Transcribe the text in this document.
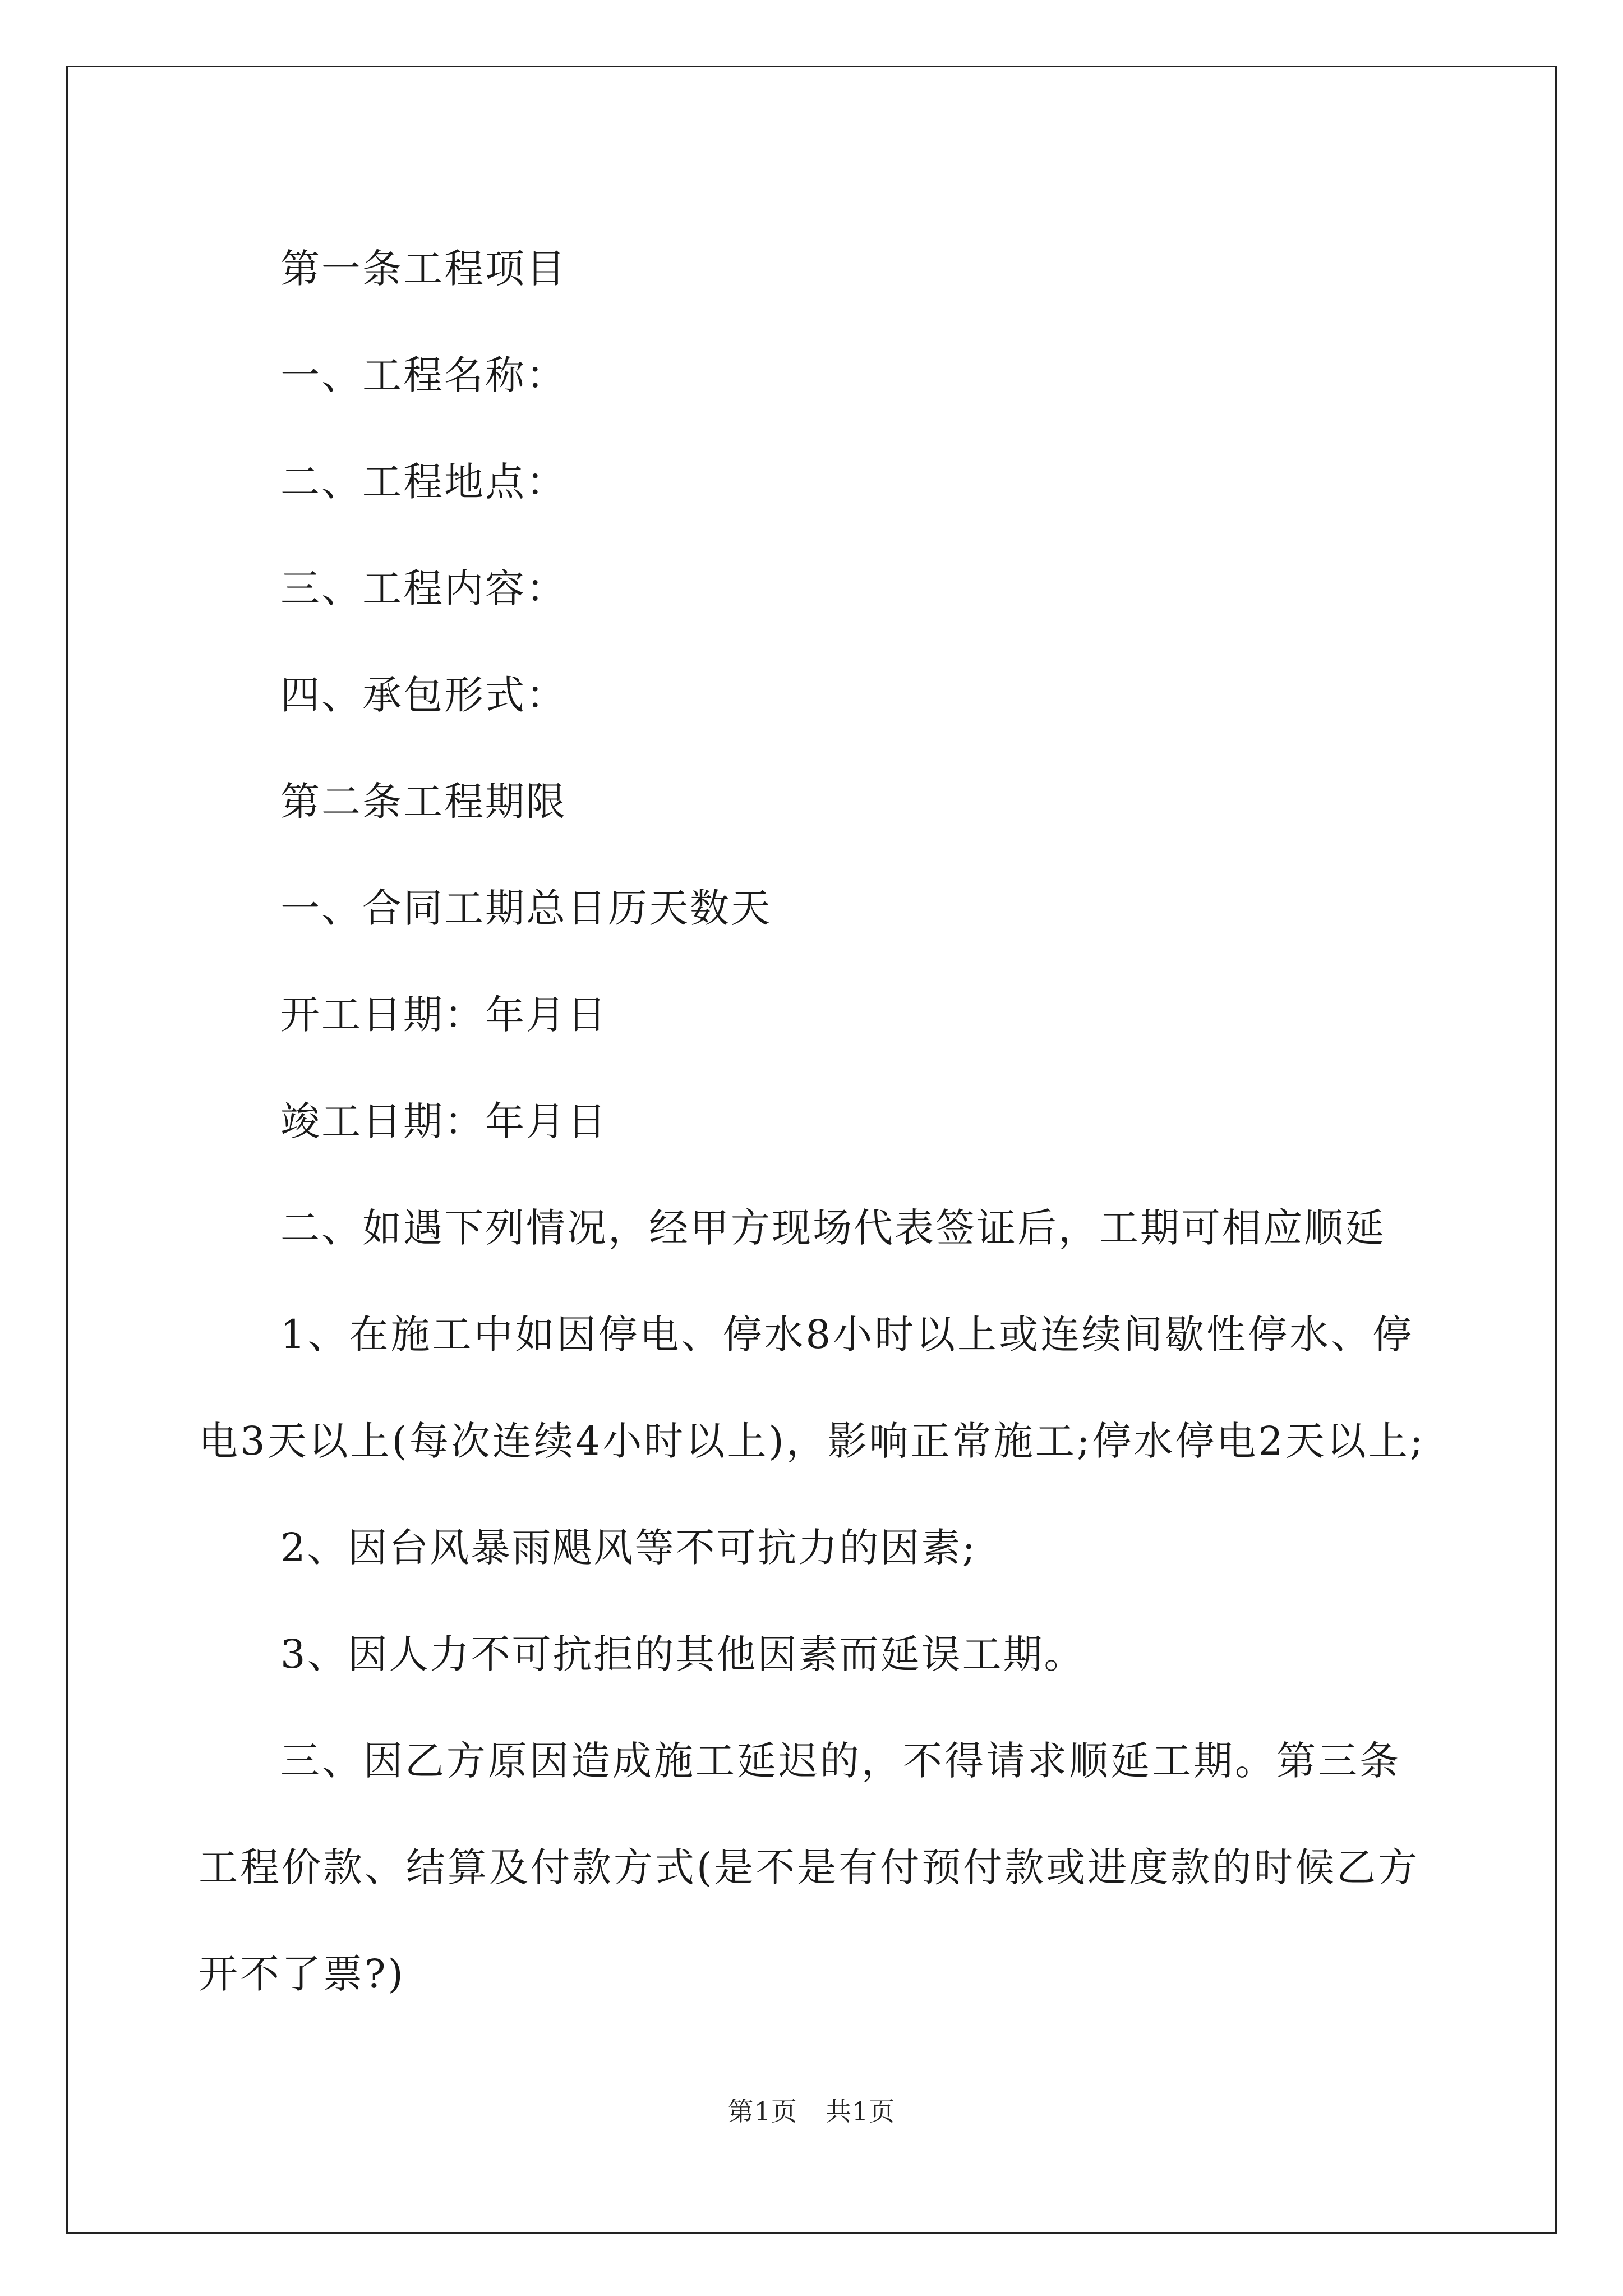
第一条工程项目

一、工程名称：

二、工程地点：

三、工程内容：

四、承包形式：

第二条工程期限

一、合同工期总日历天数天

开工日期：年月日

竣工日期：年月日

二、如遇下列情况，经甲方现场代表签证后，工期可相应顺延

1、在施工中如因停电、停水8小时以上或连续间歇性停水、停电3天以上(每次连续4小时以上)，影响正常施工;停水停电2天以上;

2、因台风暴雨飓风等不可抗力的因素;

3、因人力不可抗拒的其他因素而延误工期。

三、因乙方原因造成施工延迟的，不得请求顺延工期。第三条工程价款、结算及付款方式(是不是有付预付款或进度款的时候乙方开不了票?)

第1页 共1页
